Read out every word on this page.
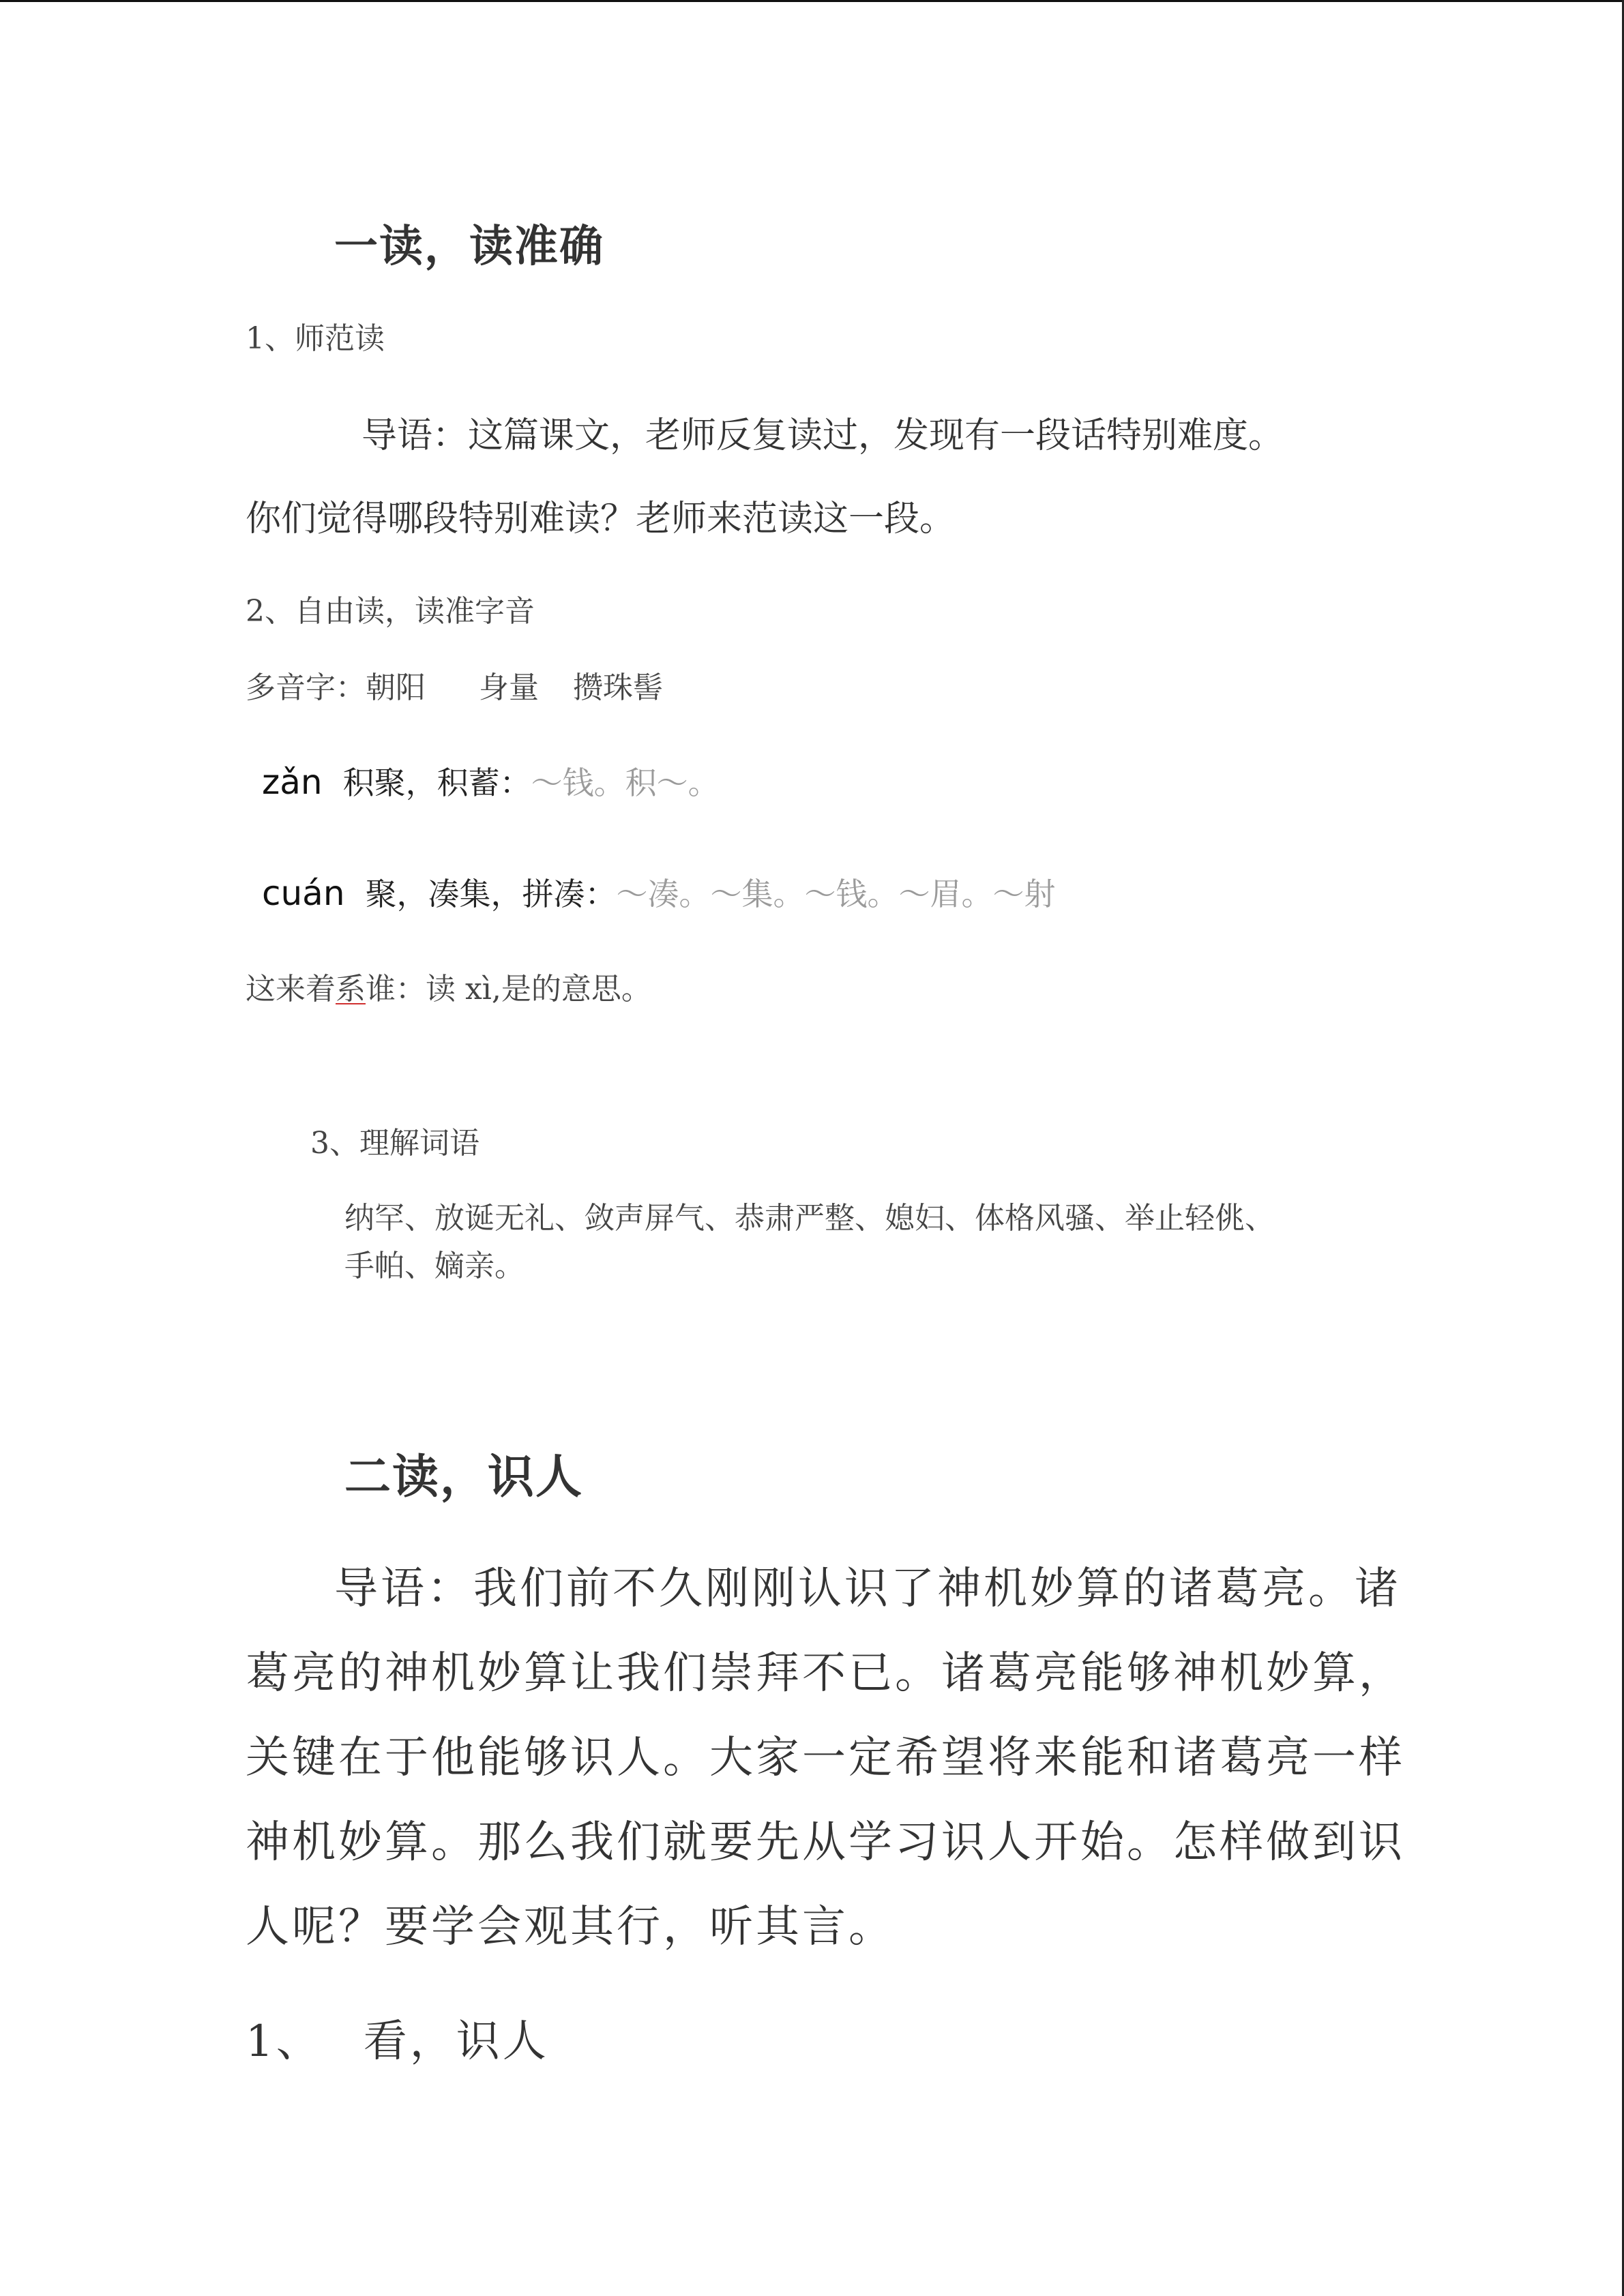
一读，读准确
1、师范读
导语：这篇课文，老师反复读过，发现有一段话特别难度。
你们觉得哪段特别难读？老师来范读这一段。
2、自由读，读准字音
多音字：朝阳 身量 攒珠髻
zǎn 积聚，积蓄：～钱。积～。
cuán 聚，凑集，拼凑：～凑。～集。～钱。～眉。～射
这来着系谁：读 xì,是的意思。
3、理解词语
纳罕、放诞无礼、敛声屏气、恭肃严整、媳妇、体格风骚、举止轻佻、
手帕、嫡亲。
二读，识人
导语：我们前不久刚刚认识了神机妙算的诸葛亮。诸
葛亮的神机妙算让我们崇拜不已。诸葛亮能够神机妙算，
关键在于他能够识人。大家一定希望将来能和诸葛亮一样
神机妙算。那么我们就要先从学习识人开始。怎样做到识
人呢？要学会观其行，听其言。
1、 看，识人
